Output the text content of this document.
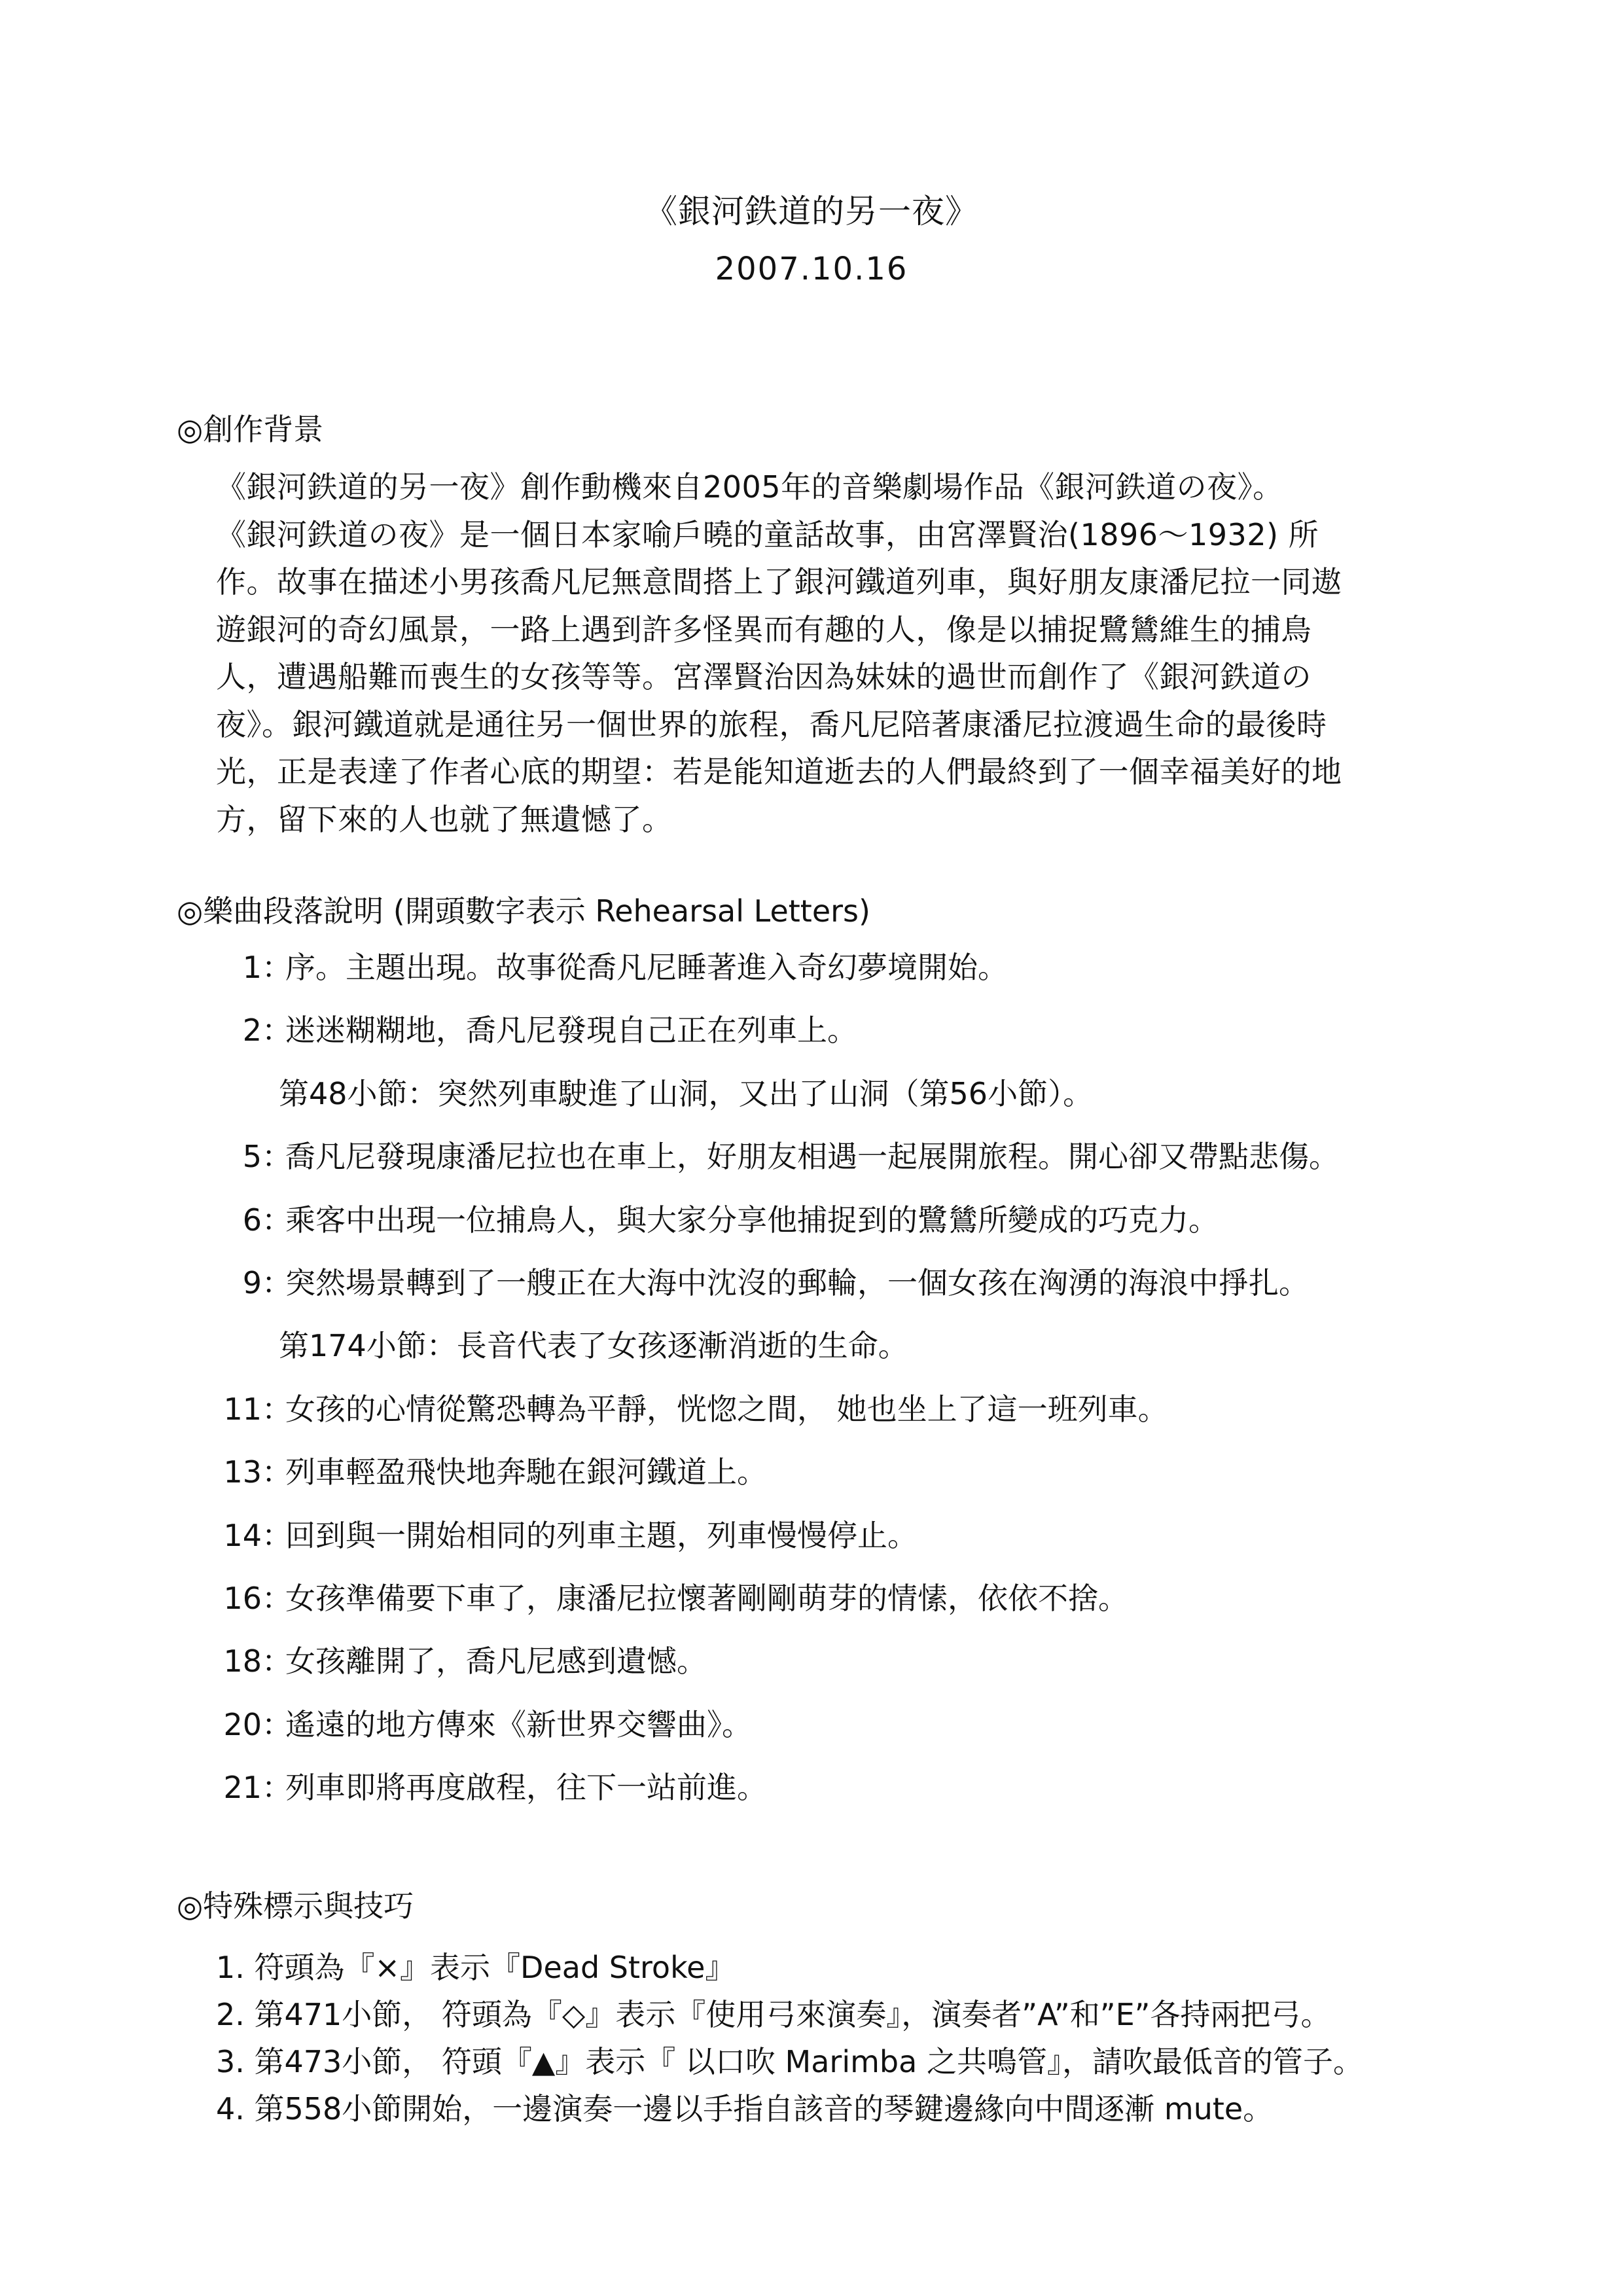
《銀河鉄道的另一夜》
2007.10.16
◎創作背景
《銀河鉄道的另一夜》創作動機來自2005年的音樂劇場作品《銀河鉄道の夜》。
《銀河鉄道の夜》是一個日本家喻戶曉的童話故事，由宮澤賢治(1896〜1932) 所
作。故事在描述小男孩喬凡尼無意間搭上了銀河鐵道列車，與好朋友康潘尼拉一同遨
遊銀河的奇幻風景，一路上遇到許多怪異而有趣的人，像是以捕捉鷺鷥維生的捕鳥
人，遭遇船難而喪生的女孩等等。宮澤賢治因為妹妹的過世而創作了《銀河鉄道の
夜》。銀河鐵道就是通往另一個世界的旅程，喬凡尼陪著康潘尼拉渡過生命的最後時
光，正是表達了作者心底的期望：若是能知道逝去的人們最終到了一個幸福美好的地
方，留下來的人也就了無遺憾了。
◎樂曲段落說明 (開頭數字表示 Rehearsal Letters)
1 ：
序。主題出現。故事從喬凡尼睡著進入奇幻夢境開始。
2 ：
迷迷糊糊地，喬凡尼發現自己正在列車上。
第48小節：突然列車駛進了山洞，又出了山洞（第56小節）。
5 ：
喬凡尼發現康潘尼拉也在車上，好朋友相遇一起展開旅程。開心卻又帶點悲傷。
6 ：
乘客中出現一位捕鳥人，與大家分享他捕捉到的鷺鷥所變成的巧克力。
9 ：
突然場景轉到了一艘正在大海中沈沒的郵輪，一個女孩在洶湧的海浪中掙扎。
第174小節：長音代表了女孩逐漸消逝的生命。
11 ：
女孩的心情從驚恐轉為平靜，恍惚之間， 她也坐上了這一班列車。
13 ：
列車輕盈飛快地奔馳在銀河鐵道上。
14 ：
回到與一開始相同的列車主題，列車慢慢停止。
16 ：
女孩準備要下車了，康潘尼拉懷著剛剛萌芽的情愫，依依不捨。
18 ：
女孩離開了，喬凡尼感到遺憾。
20 ：
遙遠的地方傳來《新世界交響曲》。
21 ：
列車即將再度啟程，往下一站前進。
◎特殊標示與技巧
1. 符頭為『×』表示『Dead Stroke』
2. 第471小節， 符頭為『◇』表示『使用弓來演奏』，演奏者”A”和”E”各持兩把弓。
3. 第473小節， 符頭『▲』表示『 以口吹 Marimba 之共鳴管』，請吹最低音的管子。
4. 第558小節開始，一邊演奏一邊以手指自該音的琴鍵邊緣向中間逐漸 mute。
